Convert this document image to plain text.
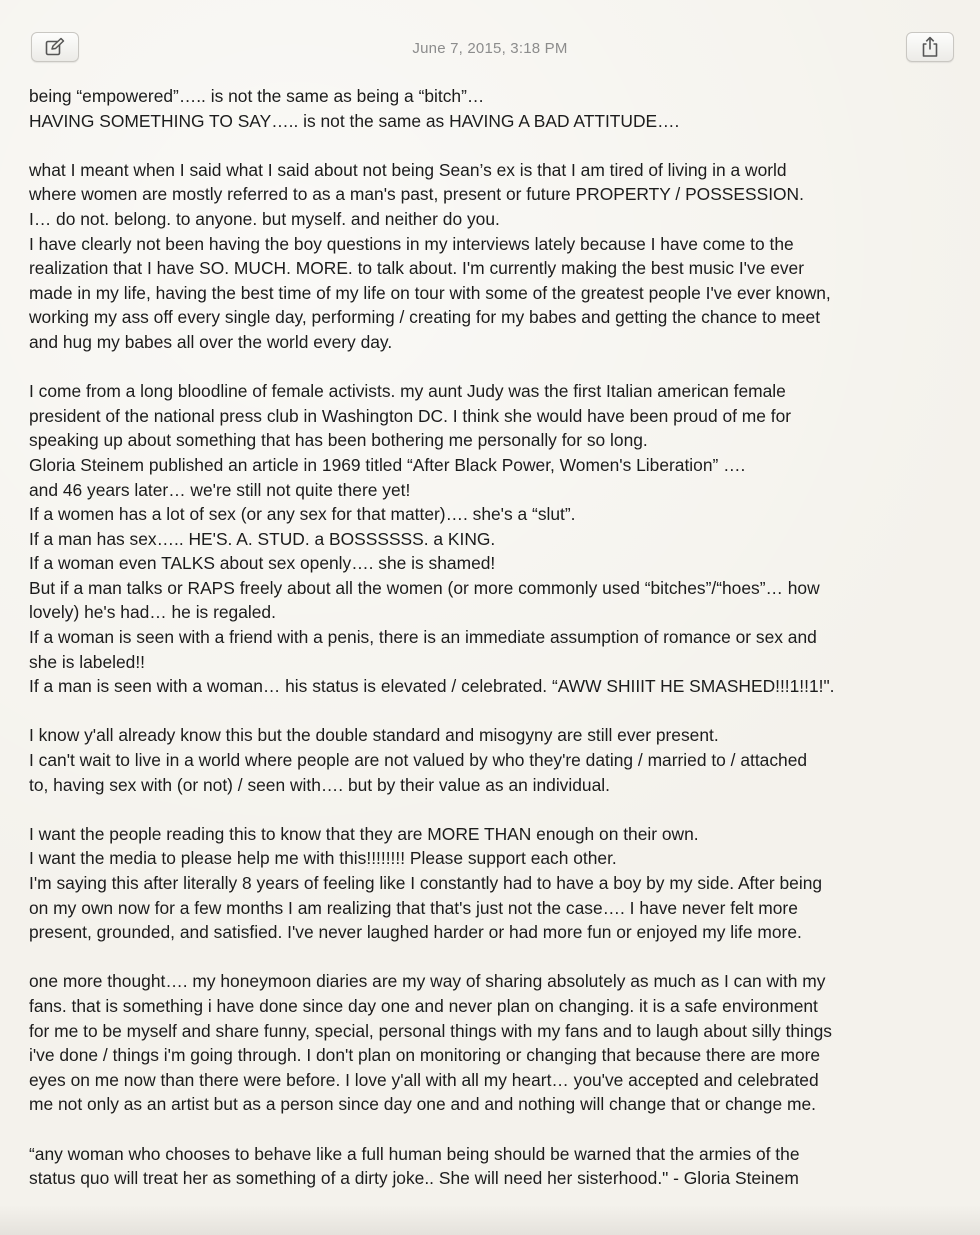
June 7, 2015, 3:18 PM

being “empowered”….. is not the same as being a “bitch”…

HAVING SOMETHING TO SAY….. is not the same as HAVING A BAD ATTITUDE….

what I meant when I said what I said about not being Sean’s ex is that I am tired of living in a world

where women are mostly referred to as a man's past, present or future PROPERTY / POSSESSION.

I… do not. belong. to anyone. but myself. and neither do you.

I have clearly not been having the boy questions in my interviews lately because I have come to the

realization that I have SO. MUCH. MORE. to talk about. I'm currently making the best music I've ever

made in my life, having the best time of my life on tour with some of the greatest people I've ever known,

working my ass off every single day, performing / creating for my babes and getting the chance to meet

and hug my babes all over the world every day.

I come from a long bloodline of female activists. my aunt Judy was the first Italian american female

president of the national press club in Washington DC. I think she would have been proud of me for

speaking up about something that has been bothering me personally for so long.

Gloria Steinem published an article in 1969 titled “After Black Power, Women's Liberation” ….

and 46 years later… we're still not quite there yet!

If a women has a lot of sex (or any sex for that matter)…. she's a “slut”.

If a man has sex….. HE'S. A. STUD. a BOSSSSSS. a KING.

If a woman even TALKS about sex openly…. she is shamed!

But if a man talks or RAPS freely about all the women (or more commonly used “bitches”/“hoes”… how

lovely) he's had… he is regaled.

If a woman is seen with a friend with a penis, there is an immediate assumption of romance or sex and

she is labeled!!

If a man is seen with a woman… his status is elevated / celebrated. “AWW SHIIIT HE SMASHED!!!1!!1!".

I know y'all already know this but the double standard and misogyny are still ever present.

I can't wait to live in a world where people are not valued by who they're dating / married to / attached

to, having sex with (or not) / seen with…. but by their value as an individual.

I want the people reading this to know that they are MORE THAN enough on their own.

I want the media to please help me with this!!!!!!!! Please support each other.

I'm saying this after literally 8 years of feeling like I constantly had to have a boy by my side. After being

on my own now for a few months I am realizing that that's just not the case…. I have never felt more

present, grounded, and satisfied. I've never laughed harder or had more fun or enjoyed my life more.

one more thought…. my honeymoon diaries are my way of sharing absolutely as much as I can with my

fans. that is something i have done since day one and never plan on changing. it is a safe environment

for me to be myself and share funny, special, personal things with my fans and to laugh about silly things

i've done / things i'm going through. I don't plan on monitoring or changing that because there are more

eyes on me now than there were before. I love y'all with all my heart… you've accepted and celebrated

me not only as an artist but as a person since day one and and nothing will change that or change me.

“any woman who chooses to behave like a full human being should be warned that the armies of the

status quo will treat her as something of a dirty joke.. She will need her sisterhood." - Gloria Steinem
